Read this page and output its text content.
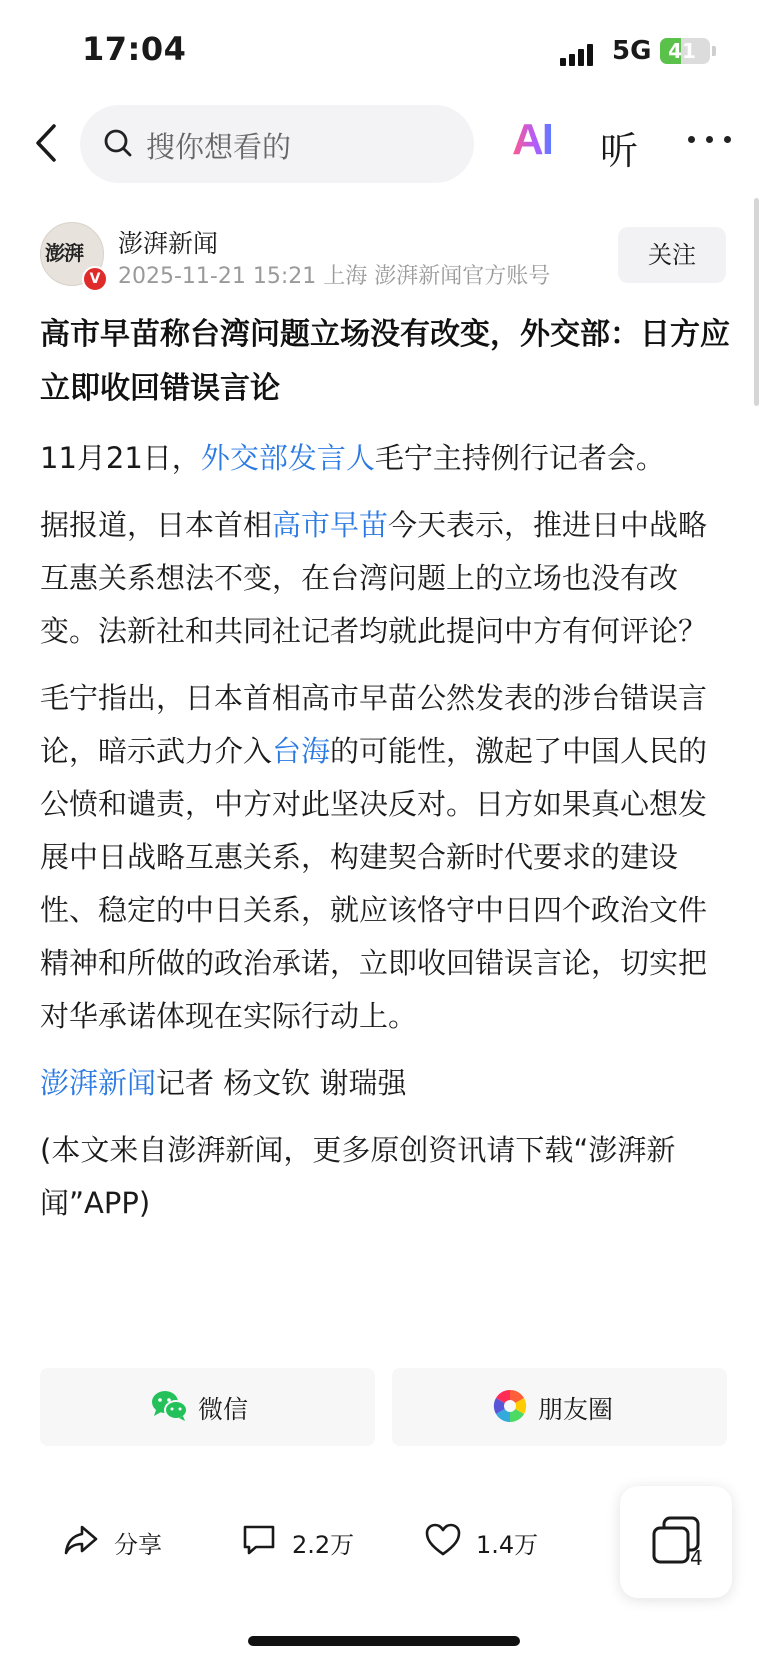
17:04	5G 41
搜你想看的	AI 听
澎湃
V
澎湃新闻
2025-11-21 15:21 上海 澎湃新闻官方账号
关注
高市早苗称台湾问题立场没有改变，外交部：日方应立即收回错误言论

11月21日，外交部发言人毛宁主持例行记者会。

据报道，日本首相高市早苗今天表示，推进日中战略互惠关系想法不变，在台湾问题上的立场也没有改变。法新社和共同社记者均就此提问中方有何评论？

毛宁指出，日本首相高市早苗公然发表的涉台错误言论，暗示武力介入台海的可能性，激起了中国人民的公愤和谴责，中方对此坚决反对。日方如果真心想发展中日战略互惠关系，构建契合新时代要求的建设性、稳定的中日关系，就应该恪守中日四个政治文件精神和所做的政治承诺，立即收回错误言论，切实把对华承诺体现在实际行动上。

澎湃新闻记者 杨文钦 谢瑞强

(本文来自澎湃新闻，更多原创资讯请下载“澎湃新闻”APP)

微信	朋友圈
分享	2.2万	1.4万	4
